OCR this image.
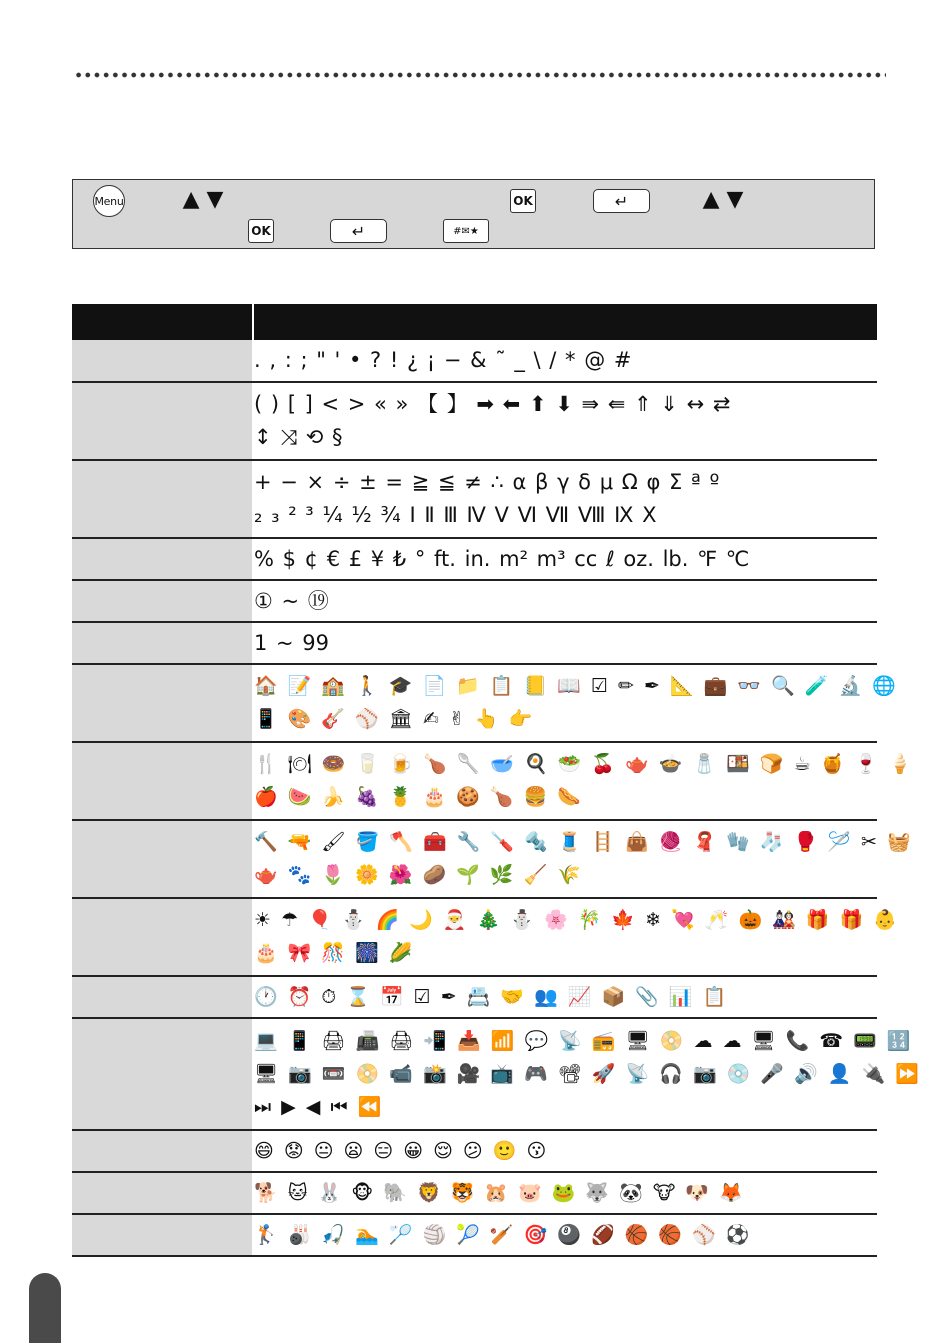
Menu	▲ ▼	OK	↵	▲ ▼
OK	↵	#✉★

	. , : ; " ' • ? ! ¿ ¡ − & ˜ _ \ / * @ #

	( ) [ ] < > « » 【 】 ➡ ⬅ ⬆ ⬇ ⇛ ⇚ ⇑ ⇓ ↔ ⇄
↕ ⤨ ⟲ §

	+ − × ÷ ± = ≧ ≦ ≠ ∴ α β γ δ μ Ω φ Σ ª º
₂ ₃ ² ³ ¼ ½ ¾ Ⅰ Ⅱ Ⅲ Ⅳ Ⅴ Ⅵ Ⅶ Ⅷ Ⅸ Ⅹ

	% $ ¢ € £ ¥ ₺ ° ft. in. m² m³ cc ℓ oz. lb. ℉ ℃

	① ~ ⑲

	1 ~ 99

	🏠 📝 🏫 🚶 🎓 📄 📁 📋 📒 📖 ☑ ✏ ✒ 📐 💼 👓 🔍 🧪 🔬 🌐
📱 🎨 🎸 ⚾ 🏛 ✍ ✌ 👆 👉

	🍴 🍽 🍩 🥛 🍺 🍗 🥄 🥣 🍳 🥗 🍒 🫖 🍲 🧂 🍱 🍞 ☕ 🍯 🍷 🍦
🍎 🍉 🍌 🍇 🍍 🎂 🍪 🍗 🍔 🌭

	🔨 🔫 🖌 🪣 🪓 🧰 🔧 🪛 🔩 🧵 🪜 👜 🧶 🧣 🧤 🧦 🥊 🪡 ✂ 🧺
🫖 🐾 🌷 🌼 🌺 🥔 🌱 🌿 🧹 🌾

	☀ ☂ 🎈 ⛄ 🌈 🌙 🎅 🎄 ⛄ 🌸 🎋 🍁 ❄ 💘 🥂 🎃 🎎 🎁 🎁 👶
🎂 🎀 🎊 🎆 🌽

	🕐 ⏰ ⏱ ⌛ 📅 ☑ ✒ 📇 🤝 👥 📈 📦 📎 📊 📋

	💻 📱 🖨 📠 🖨 📲 📥 📶 💬 📡 📻 🖥 📀 ☁ ☁ 🖥 📞 ☎ 📟 🔢
🖥 📷 📼 📀 📹 📸 🎥 📺 🎮 📽 🚀 📡 🎧 📷 💿 🎤 🔊 👤 🔌 ⏩
⏭ ▶ ◀ ⏮ ⏪

	😄 😟 😐 😦 😑 😀 😌 😕 🙂 😗

	🐕 🐱 🐰 🐵 🐘 🦁 🐯 🐹 🐷 🐸 🐺 🐼 🐮 🐶 🦊

	🏌 🎳 🎣 🏊 🏸 🏐 🎾 🏏 🎯 🎱 🏈 🏀 🏀 ⚾ ⚽
